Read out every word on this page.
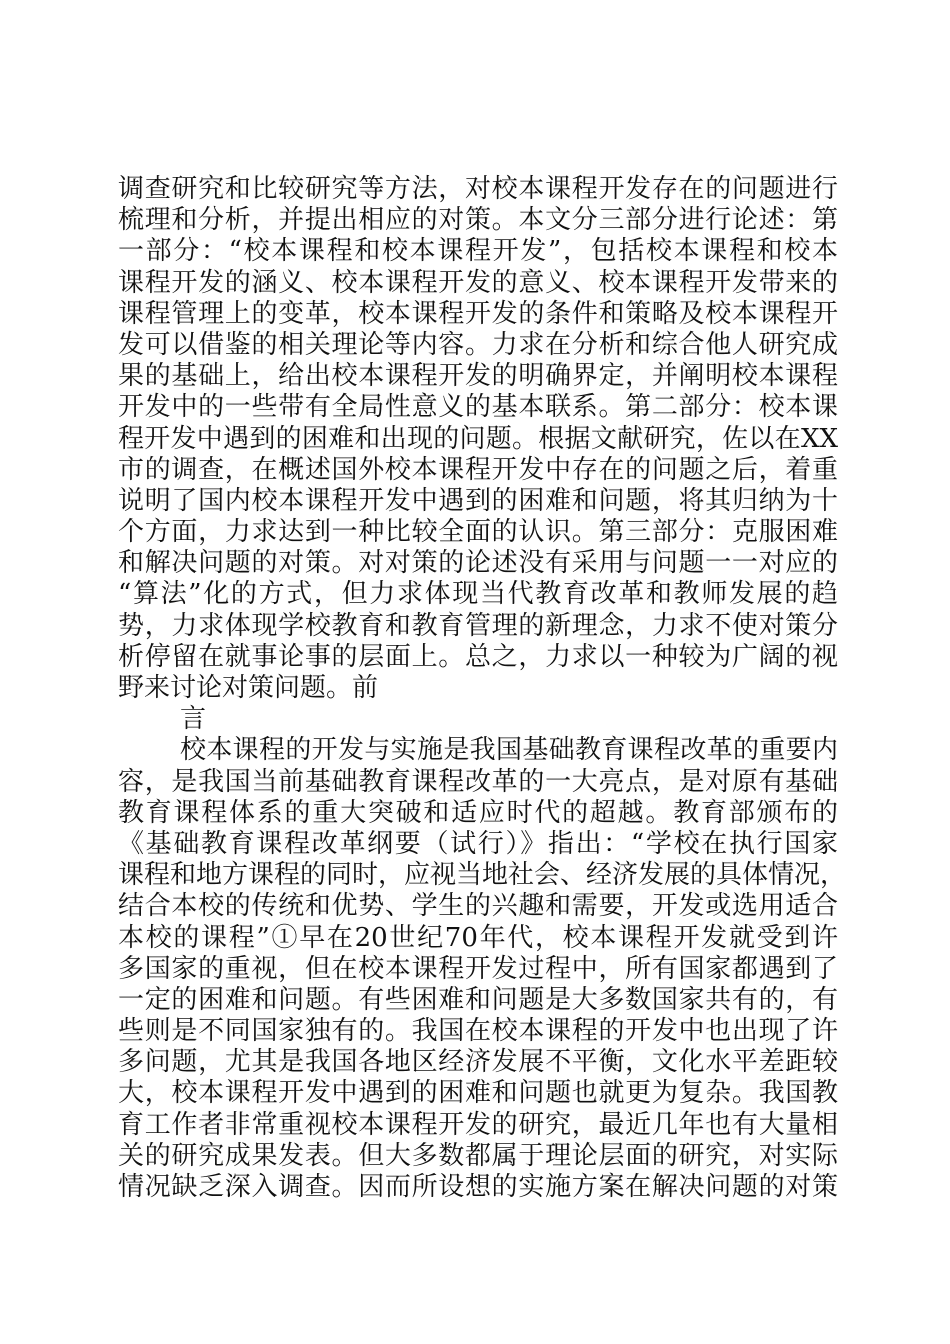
调查研究和比较研究等方法，对校本课程开发存在的问题进行
梳理和分析，并提出相应的对策。本文分三部分进行论述：第
一部分：“校本课程和校本课程开发”，包括校本课程和校本
课程开发的涵义、校本课程开发的意义、校本课程开发带来的
课程管理上的变革，校本课程开发的条件和策略及校本课程开
发可以借鉴的相关理论等内容。力求在分析和综合他人研究成
果的基础上，给出校本课程开发的明确界定，并阐明校本课程
开发中的一些带有全局性意义的基本联系。第二部分：校本课
程开发中遇到的困难和出现的问题。根据文献研究，佐以在XX
市的调查，在概述国外校本课程开发中存在的问题之后，着重
说明了国内校本课程开发中遇到的困难和问题，将其归纳为十
个方面，力求达到一种比较全面的认识。第三部分：克服困难
和解决问题的对策。对对策的论述没有采用与问题一一对应的
“算法”化的方式，但力求体现当代教育改革和教师发展的趋
势，力求体现学校教育和教育管理的新理念，力求不使对策分
析停留在就事论事的层面上。总之，力求以一种较为广阔的视
野来讨论对策问题。前
言
校本课程的开发与实施是我国基础教育课程改革的重要内
容，是我国当前基础教育课程改革的一大亮点，是对原有基础
教育课程体系的重大突破和适应时代的超越。教育部颁布的
《基础教育课程改革纲要（试行）》指出：“学校在执行国家
课程和地方课程的同时，应视当地社会、经济发展的具体情况，
结合本校的传统和优势、学生的兴趣和需要，开发或选用适合
本校的课程”①早在20世纪70年代，校本课程开发就受到许
多国家的重视，但在校本课程开发过程中，所有国家都遇到了
一定的困难和问题。有些困难和问题是大多数国家共有的，有
些则是不同国家独有的。我国在校本课程的开发中也出现了许
多问题，尤其是我国各地区经济发展不平衡，文化水平差距较
大，校本课程开发中遇到的困难和问题也就更为复杂。我国教
育工作者非常重视校本课程开发的研究，最近几年也有大量相
关的研究成果发表。但大多数都属于理论层面的研究，对实际
情况缺乏深入调查。因而所设想的实施方案在解决问题的对策
